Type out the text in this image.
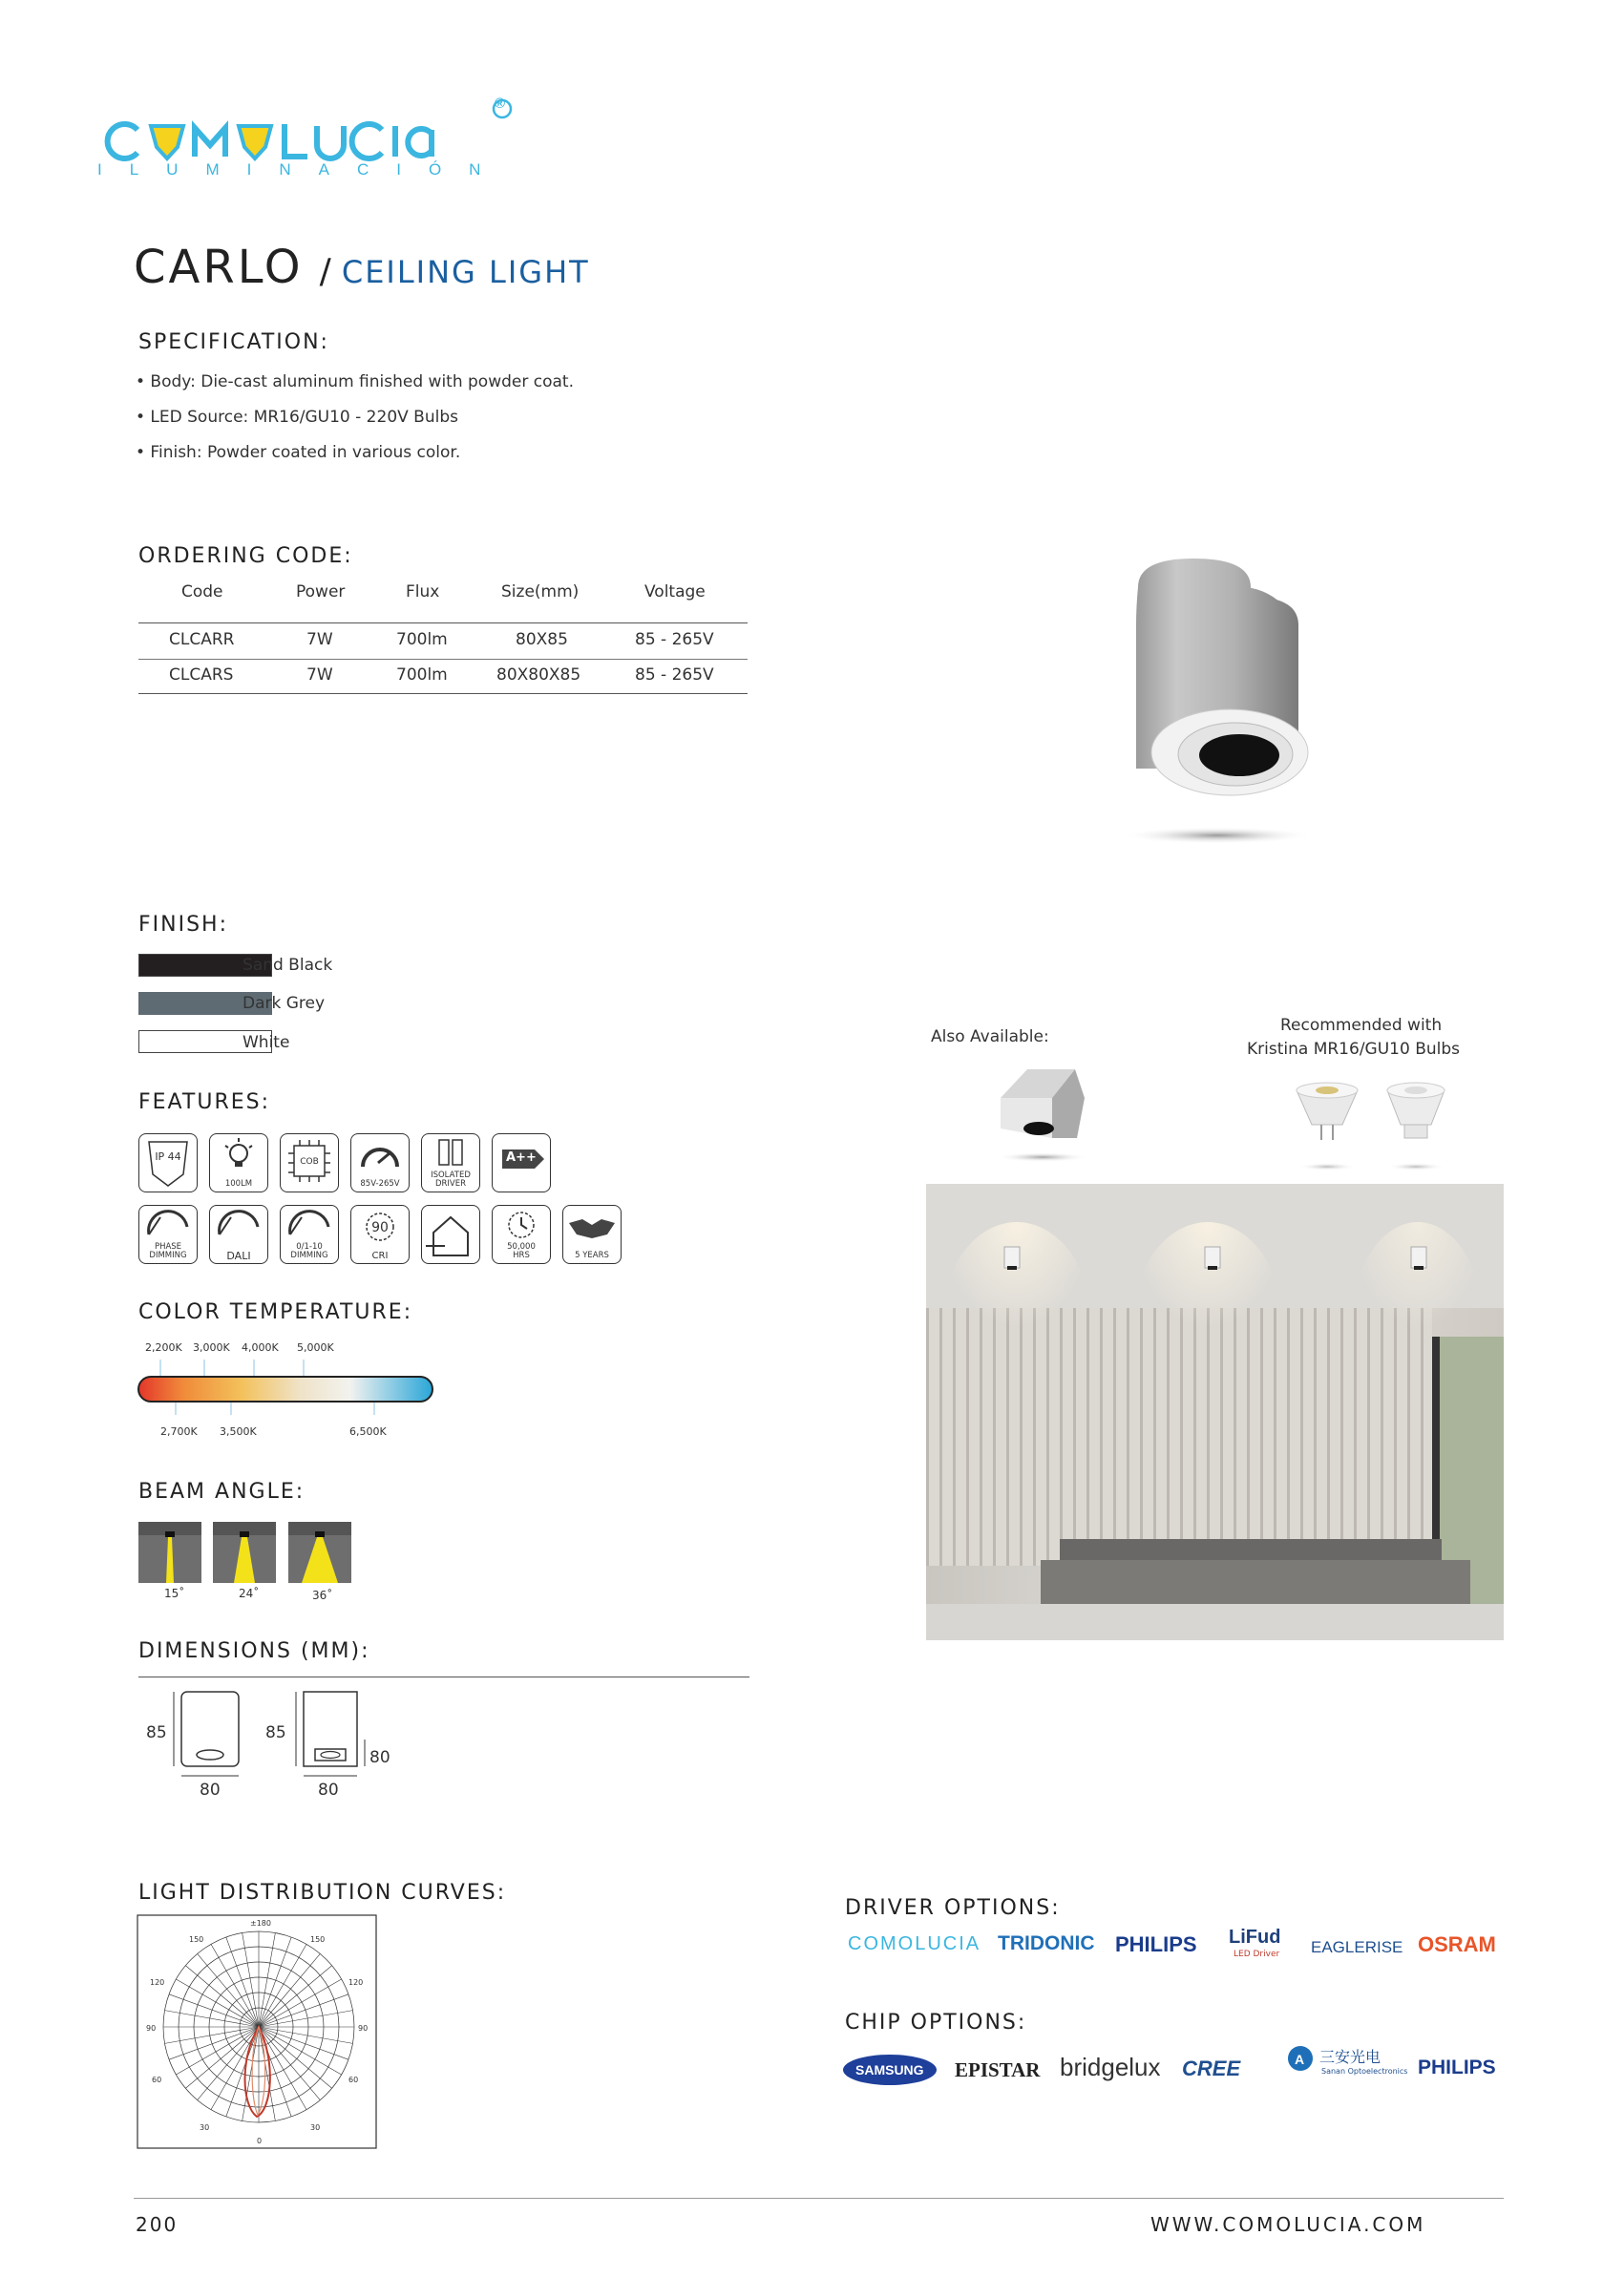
®
ILUMINACIÓN
CARLO / CEILING LIGHT
SPECIFICATION:
• Body: Die-cast aluminum finished with powder coat.
• LED Source: MR16/GU10 - 220V Bulbs
• Finish: Powder coated in various color.
ORDERING CODE:
Code	Power	Flux	Size(mm)	Voltage
CLCARR	7W	700lm	80X85	85 - 265V
CLCARS	7W	700lm	80X80X85	85 - 265V
FINISH:
Sand Black
Dark Grey
White
FEATURES:
IP 44
100LM
COB
85V-265V
ISOLATED DRIVER
A++
PHASE DIMMING	DALI
0/1-10 DIMMING
90
CRI
50,000 HRS	5 YEARS
COLOR TEMPERATURE:
2,200K 3,000K 4,000K 5,000K
2,700K 3,500K	6,500K
BEAM ANGLE:
15˚	24˚	36˚
DIMENSIONS (MM):
85
80
85
80
80
Also Available:
Recommended with
Kristina MR16/GU10 Bulbs
LIGHT DISTRIBUTION CURVES:
±180
150	150
120	120
90	90
60	60
30	30
0
DRIVER OPTIONS:
COMOLUCIA TRIDONIC PHILIPS LiFud
LED Driver EAGLERISE OSRAM
CHIP OPTIONS:
SAMSUNG EPISTAR bridgelux CREE	A 三安光电
Sanan Optoelectronics PHILIPS
200	WWW.COMOLUCIA.COM
